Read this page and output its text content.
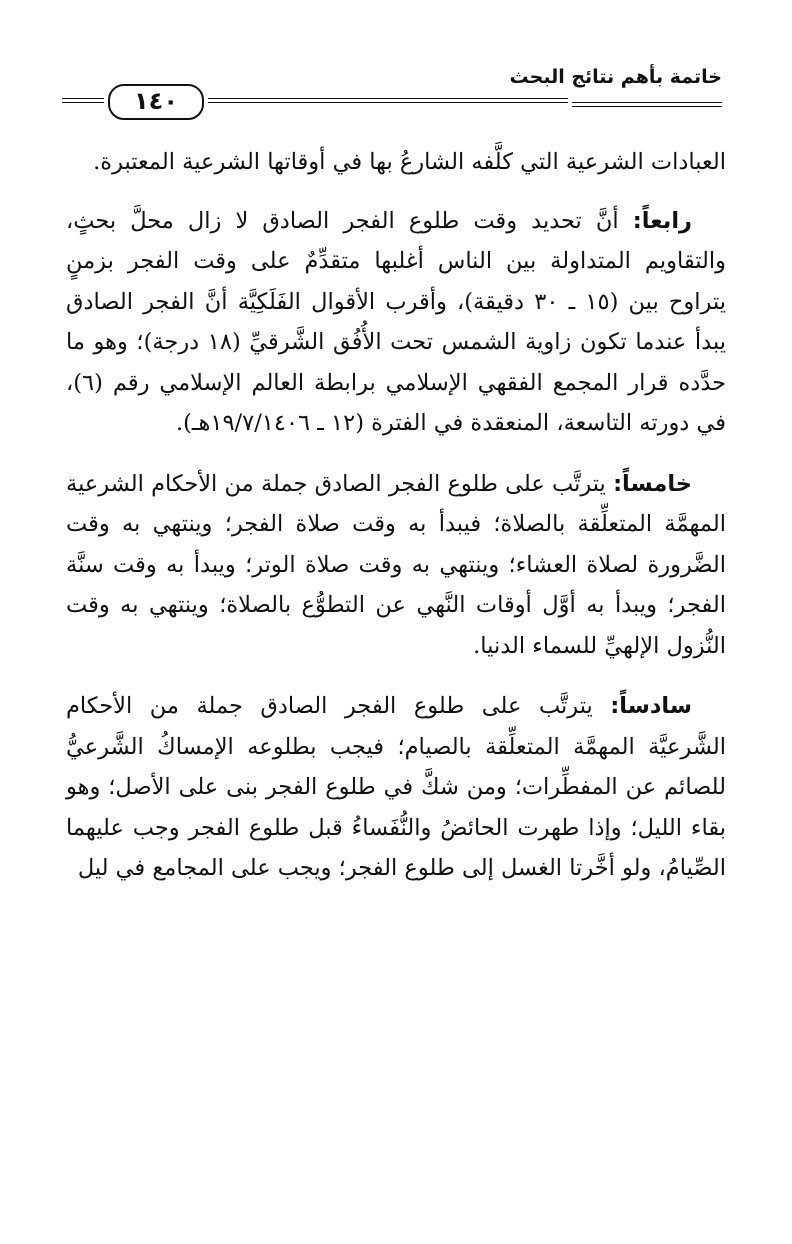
خاتمة بأهم نتائج البحث
١٤٠

العبادات الشرعية التي كلَّفه الشارعُ بها في أوقاتها الشرعية المعتبرة.

رابعاً: أنَّ تحديد وقت طلوع الفجر الصادق لا زال محلَّ بحثٍ، والتقاويم المتداولة بين الناس أغلبها متقدِّمٌ على وقت الفجر بزمنٍ يتراوح بين (١٥ ـ ٣٠ دقيقة)، وأقرب الأقوال الفَلَكِيَّة أنَّ الفجر الصادق يبدأ عندما تكون زاوية الشمس تحت الأُفُق الشَّرقيِّ (١٨ درجة)؛ وهو ما حدَّده قرار المجمع الفقهي الإسلامي برابطة العالم الإسلامي رقم (٦)، في دورته التاسعة، المنعقدة في الفترة (١٢ ـ ١٩/٧/١٤٠٦هـ).

خامساً: يترتَّب على طلوع الفجر الصادق جملة من الأحكام الشرعية المهمَّة المتعلِّقة بالصلاة؛ فيبدأ به وقت صلاة الفجر؛ وينتهي به وقت الضَّرورة لصلاة العشاء؛ وينتهي به وقت صلاة الوتر؛ ويبدأ به وقت سنَّة الفجر؛ ويبدأ به أوَّل أوقات النَّهي عن التطوُّع بالصلاة؛ وينتهي به وقت النُّزول الإلهيِّ للسماء الدنيا.

سادساً: يترتَّب على طلوع الفجر الصادق جملة من الأحكام الشَّرعيَّة المهمَّة المتعلِّقة بالصيام؛ فيجب بطلوعه الإمساكُ الشَّرعيُّ للصائم عن المفطِّرات؛ ومن شكَّ في طلوع الفجر بنى على الأصل؛ وهو بقاء الليل؛ وإذا طهرت الحائضُ والنُّفَساءُ قبل طلوع الفجر وجب عليهما الصِّيامُ، ولو أخَّرتا الغسل إلى طلوع الفجر؛ ويجب على المجامع في ليل
